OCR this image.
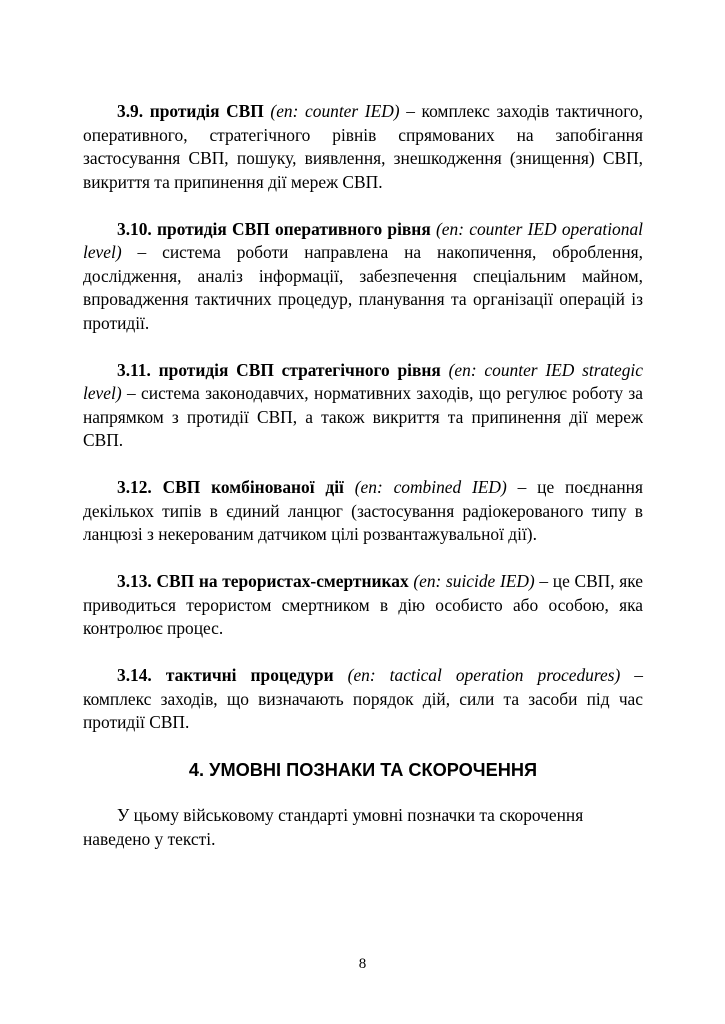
3.9. протидія СВП (en: counter IED) – комплекс заходів тактичного, оперативного, стратегічного рівнів спрямованих на запобігання застосування СВП, пошуку, виявлення, знешкодження (знищення) СВП, викриття та припинення дії мереж СВП.

3.10. протидія СВП оперативного рівня (en: counter IED operational level) – система роботи направлена на накопичення, оброблення, дослідження, аналіз інформації, забезпечення спеціальним майном, впровадження тактичних процедур, планування та організації операцій із протидії.

3.11. протидія СВП стратегічного рівня (en: counter IED strategic level) – система законодавчих, нормативних заходів, що регулює роботу за напрямком з протидії СВП, а також викриття та припинення дії мереж СВП.

3.12. СВП комбінованої дії (en: combined IED) – це поєднання декількох типів в єдиний ланцюг (застосування радіокерованого типу в ланцюзі з некерованим датчиком цілі розвантажувальної дії).

3.13. СВП на терористах-смертниках (en: suicide IED) – це СВП, яке приводиться терористом смертником в дію особисто або особою, яка контролює процес.

3.14. тактичні процедури (en: tactical operation procedures) – комплекс заходів, що визначають порядок дій, сили та засоби під час протидії СВП.

4. УМОВНІ ПОЗНАКИ ТА СКОРОЧЕННЯ

У цьому військовому стандарті умовні позначки та скорочення наведено у тексті.

8
